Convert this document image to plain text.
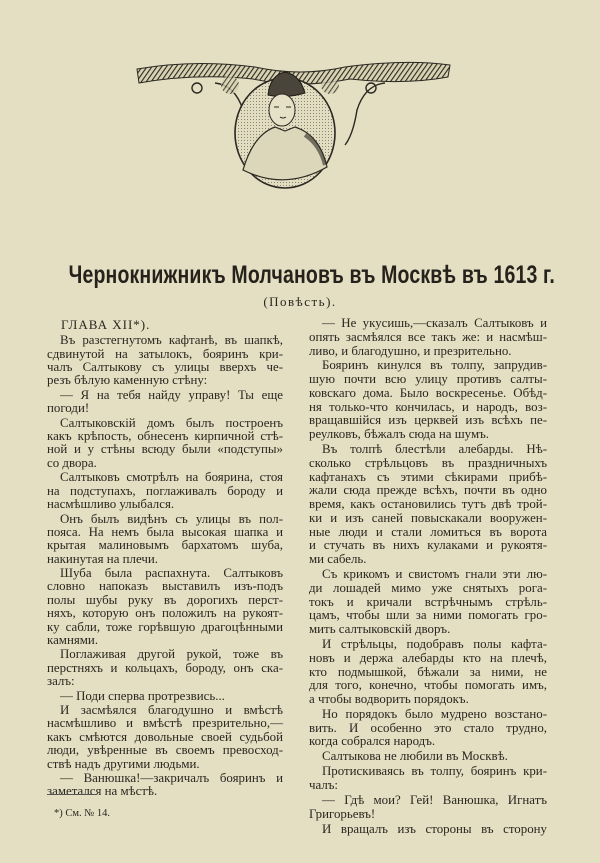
Чернокнижникъ Молчановъ въ Москвѣ въ 1613 г.
(Повѣсть).
ГЛАВА XII*).
Въ разстегнутомъ кафтанѣ, въ шапкѣ,
сдвинутой на затылокъ, бояринъ кри-
чалъ Салтыкову съ улицы вверхъ че-
резъ бѣлую каменную стѣну:
— Я на тебя найду управу! Ты еще
погоди!
Салтыковскій домъ былъ построенъ
какъ крѣпость, обнесенъ кирпичной стѣ-
ной и у стѣны всюду были «подступы»
со двора.
Салтыковъ смотрѣлъ на боярина, стоя
на подступахъ, поглаживалъ бороду и
насмѣшливо улыбался.
Онъ былъ видѣнъ съ улицы въ пол-
пояса. На немъ была высокая шапка и
крытая малиновымъ бархатомъ шуба,
накинутая на плечи.
Шуба была распахнута. Салтыковъ
словно напоказъ выставилъ изъ-подъ
полы шубы руку въ дорогихъ перст-
няхъ, которую онъ положилъ на рукоят-
ку сабли, тоже горѣвшую драгоцѣнными
камнями.
Поглаживая другой рукой, тоже въ
перстняхъ и кольцахъ, бороду, онъ ска-
залъ:
— Поди сперва протрезвись...
И засмѣялся благодушно и вмѣстѣ
насмѣшливо и вмѣстѣ презрительно,—
какъ смѣются довольные своей судьбой
люди, увѣренные въ своемъ превосход-
ствѣ надъ другими людьми.
— Ванюшка!—закричалъ бояринъ и
заметался на мѣстѣ.
— Не укусишь,—сказалъ Салтыковъ и
опять засмѣялся все такъ же: и насмѣш-
ливо, и благодушно, и презрительно.
Бояринъ кинулся въ толпу, запрудив-
шую почти всю улицу противъ салты-
ковскаго дома. Было воскресенье. Обѣд-
ня только-что кончилась, и народъ, воз-
вращавшійся изъ церквей изъ всѣхъ пе-
реулковъ, бѣжалъ сюда на шумъ.
Въ толпѣ блестѣли алебарды. Нѣ-
сколько стрѣльцовъ въ праздничныхъ
кафтанахъ съ этими сѣкирами прибѣ-
жали сюда прежде всѣхъ, почти въ одно
время, какъ остановились тутъ двѣ трой-
ки и изъ саней повыскакали вооружен-
ные люди и стали ломиться въ ворота
и стучать въ нихъ кулаками и рукоятя-
ми сабель.
Съ крикомъ и свистомъ гнали эти лю-
ди лошадей мимо уже снятыхъ рога-
токъ и кричали встрѣчнымъ стрѣль-
цамъ, чтобы шли за ними помогать гро-
мить салтыковскій дворъ.
И стрѣльцы, подобравъ полы кафта-
новъ и держа алебарды кто на плечѣ,
кто подмышкой, бѣжали за ними, не
для того, конечно, чтобы помогать имъ,
а чтобы водворить порядокъ.
Но порядокъ было мудрено возстано-
вить. И особенно это стало трудно,
когда собрался народъ.
Салтыкова не любили въ Москвѣ.
Протискиваясь въ толпу, бояринъ кри-
чалъ:
— Гдѣ мои? Гей! Ванюшка, Игнатъ
Григорьевъ!
И вращалъ изъ стороны въ сторону
*) См. № 14.
